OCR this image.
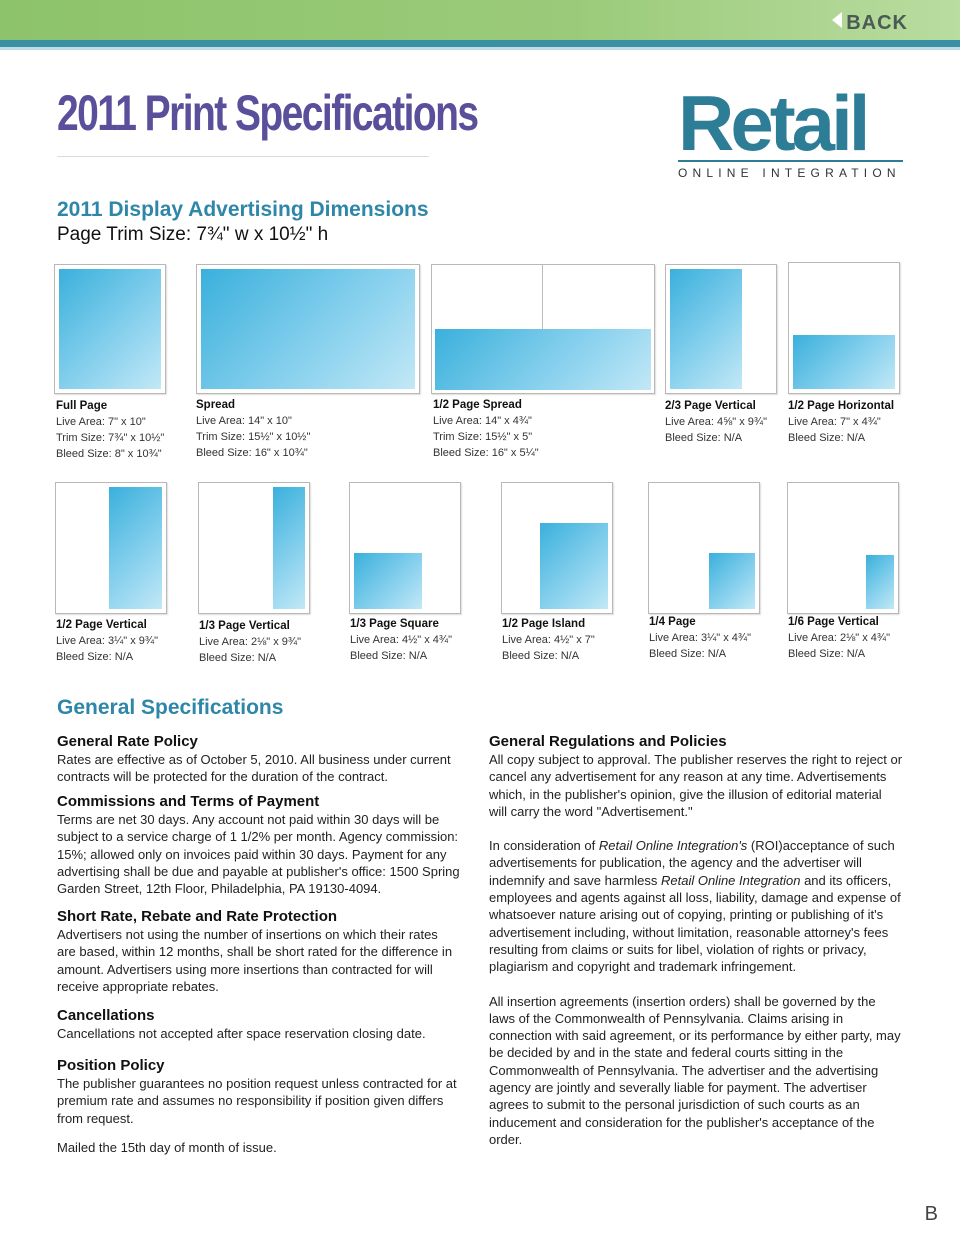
BACK
2011 Print Specifications	Retail
ONLINE INTEGRATION
2011 Display Advertising Dimensions
Page Trim Size: 7¾" w x 10½" h
Full Page
Live Area: 7" x 10"
Trim Size: 7¾" x 10½"
Bleed Size: 8" x 10¾"
Spread
Live Area: 14" x 10"
Trim Size: 15½" x 10½"
Bleed Size: 16" x 10¾"
1/2 Page Spread
Live Area: 14" x 4¾"
Trim Size: 15½" x 5"
Bleed Size: 16" x 5¼"
2/3 Page Vertical
Live Area: 4⅝" x 9¾"
Bleed Size: N/A
1/2 Page Horizontal
Live Area: 7" x 4¾"
Bleed Size: N/A
1/2 Page Vertical
Live Area: 3¼" x 9¾"
Bleed Size: N/A
1/3 Page Vertical
Live Area: 2⅛" x 9¾"
Bleed Size: N/A
1/3 Page Square
Live Area: 4½" x 4¾"
Bleed Size: N/A
1/2 Page Island
Live Area: 4½" x 7"
Bleed Size: N/A
1/4 Page
Live Area: 3¼" x 4¾"
Bleed Size: N/A
1/6 Page Vertical
Live Area: 2⅛" x 4¾"
Bleed Size: N/A
General Specifications
General Rate Policy

Rates are effective as of October 5, 2010. All business under current contracts will be protected for the duration of the contract.

Commissions and Terms of Payment

Terms are net 30 days. Any account not paid within 30 days will be subject to a service charge of 1 1/2% per month. Agency commission: 15%; allowed only on invoices paid within 30 days. Payment for any advertising shall be due and payable at publisher's office: 1500 Spring Garden Street, 12th Floor, Philadelphia, PA 19130-4094.

Short Rate, Rebate and Rate Protection

Advertisers not using the number of insertions on which their rates are based, within 12 months, shall be short rated for the difference in amount. Advertisers using more insertions than contracted for will receive appropriate rebates.

Cancellations

Cancellations not accepted after space reservation closing date.

Position Policy

The publisher guarantees no position request unless contracted for at premium rate and assumes no responsibility if position given differs from request.

Mailed the 15th day of month of issue.

General Regulations and Policies

All copy subject to approval. The publisher reserves the right to reject or cancel any advertisement for any reason at any time. Advertisements which, in the publisher's opinion, give the illusion of editorial material will carry the word "Advertisement."

In consideration of Retail Online Integration's (ROI)acceptance of such advertisements for publication, the agency and the advertiser will indemnify and save harmless Retail Online Integration and its officers, employees and agents against all loss, liability, damage and expense of whatsoever nature arising out of copying, printing or publishing of it's advertisement including, without limitation, reasonable attorney's fees resulting from claims or suits for libel, violation of rights or privacy, plagiarism and copyright and trademark infringement.

All insertion agreements (insertion orders) shall be governed by the laws of the Commonwealth of Pennsylvania. Claims arising in connection with said agreement, or its performance by either party, may be decided by and in the state and federal courts sitting in the Commonwealth of Pennsylvania. The advertiser and the advertising agency are jointly and severally liable for payment. The advertiser agrees to submit to the personal jurisdiction of such courts as an inducement and consideration for the publisher's acceptance of the order.

B
